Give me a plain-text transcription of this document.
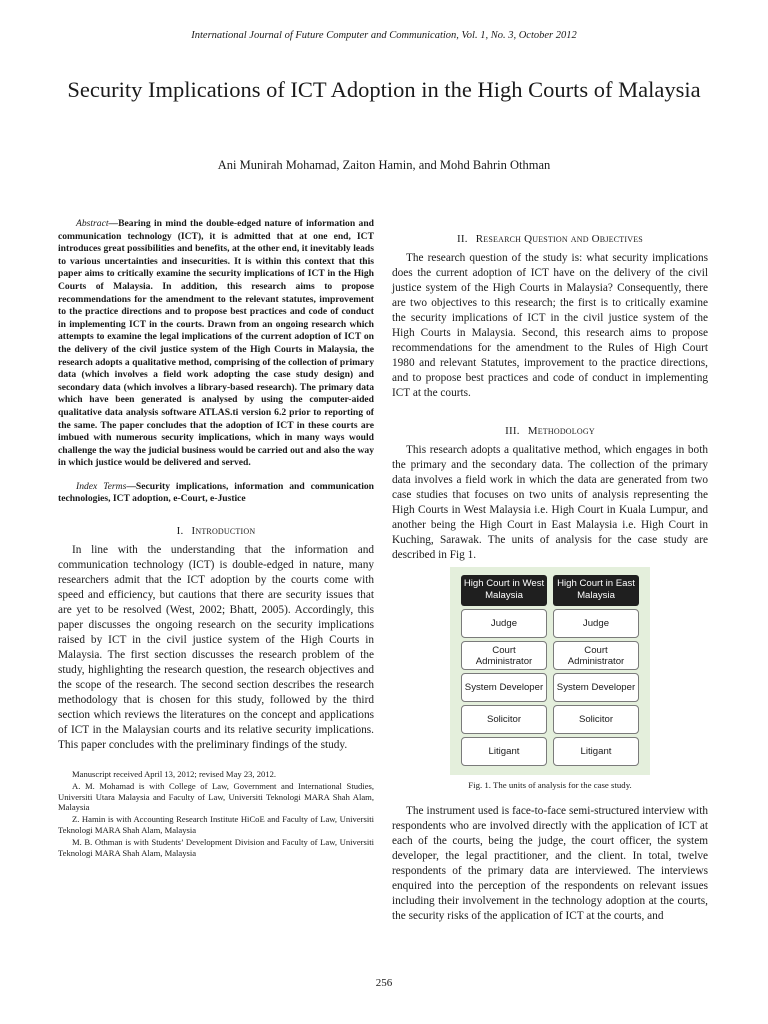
International Journal of Future Computer and Communication, Vol. 1, No. 3, October 2012
Security Implications of ICT Adoption in the High Courts of Malaysia
Ani Munirah Mohamad, Zaiton Hamin, and Mohd Bahrin Othman

Abstract—Bearing in mind the double-edged nature of information and communication technology (ICT), it is admitted that at one end, ICT introduces great possibilities and benefits, at the other end, it inevitably leads to various uncertainties and insecurities. It is within this context that this paper aims to critically examine the security implications of ICT in the High Courts of Malaysia. In addition, this research aims to propose recommendations for the amendment to the relevant statutes, improvement to the practice directions and to propose best practices and code of conduct in implementing ICT in the courts. Drawn from an ongoing research which attempts to examine the legal implications of the current adoption of ICT on the delivery of the civil justice system of the High Courts in Malaysia, the research adopts a qualitative method, comprising of the collection of primary data (which involves a field work adopting the case study design) and secondary data (which involves a library-based research). The primary data which have been generated is analysed by using the computer-aided qualitative data analysis software ATLAS.ti version 6.2 prior to reporting of the same. The paper concludes that the adoption of ICT in these courts are imbued with numerous security implications, which in many ways would challenge the way the judicial business would be carried out and also the way in which justice would be delivered and served.

Index Terms—Security implications, information and communication technologies, ICT adoption, e-Court, e-Justice

I. Introduction

In line with the understanding that the information and communication technology (ICT) is double-edged in nature, many researchers admit that the ICT adoption by the courts come with speed and efficiency, but cautions that there are security issues that are yet to be resolved (West, 2002; Bhatt, 2005). Accordingly, this paper discusses the ongoing research on the security implications raised by ICT in the civil justice system of the High Courts in Malaysia. The first section discusses the research problem of the study, highlighting the research question, the research objectives and the scope of the research. The second section describes the research methodology that is chosen for this study, followed by the third section which reviews the literatures on the concept and applications of ICT in the Malaysian courts and its relative security implications. This paper concludes with the preliminary findings of the study.

Manuscript received April 13, 2012; revised May 23, 2012.

A. M. Mohamad is with College of Law, Government and International Studies, Universiti Utara Malaysia and Faculty of Law, Universiti Teknologi MARA Shah Alam, Malaysia

Z. Hamin is with Accounting Research Institute HiCoE and Faculty of Law, Universiti Teknologi MARA Shah Alam, Malaysia

M. B. Othman is with Students’ Development Division and Faculty of Law, Universiti Teknologi MARA Shah Alam, Malaysia

II. Research Question and Objectives

The research question of the study is: what security implications does the current adoption of ICT have on the delivery of the civil justice system of the High Courts in Malaysia? Consequently, there are two objectives to this research; the first is to critically examine the security implications of ICT in the civil justice system of the High Courts in Malaysia. Second, this research aims to propose recommendations for the amendment to the Rules of High Court 1980 and relevant Statutes, improvement to the practice directions, and to propose best practices and code of conduct in implementing ICT at the courts.

III. Methodology

This research adopts a qualitative method, which engages in both the primary and the secondary data. The collection of the primary data involves a field work in which the data are generated from two case studies that focuses on two units of analysis representing the High Courts in West Malaysia i.e. High Court in Kuala Lumpur, and another being the High Court in East Malaysia i.e. High Court in Kuching, Sarawak. The units of analysis for the case study are described in Fig 1.

High Court in West Malaysia
Judge
Court Administrator
System Developer
Solicitor
Litigant
High Court in East Malaysia
Judge
Court Administrator
System Developer
Solicitor
Litigant
Fig. 1. The units of analysis for the case study.

The instrument used is face-to-face semi-structured interview with respondents who are involved directly with the application of ICT at each of the courts, being the judge, the court officer, the system developer, the legal practitioner, and the client. In total, twelve respondents of the primary data are interviewed. The interviews enquired into the perception of the respondents on relevant issues including their involvement in the technology adoption at the courts, the security risks of the application of ICT at the courts, and

256
